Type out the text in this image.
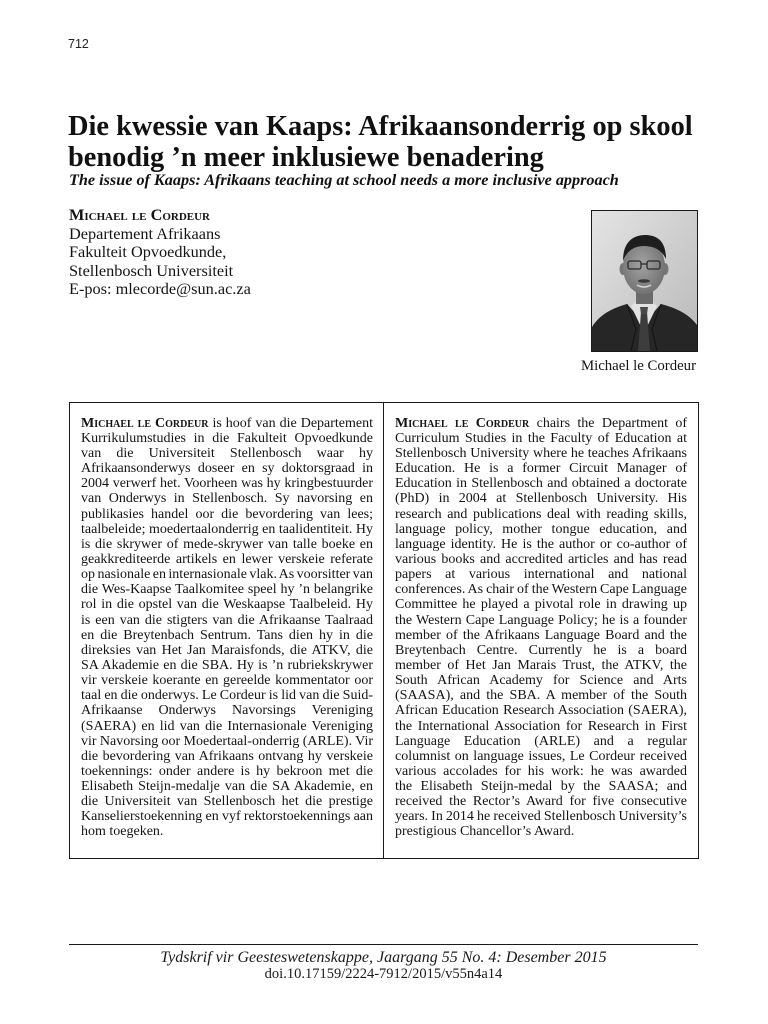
712
Die kwessie van Kaaps: Afrikaansonderrig op skool
benodig ’n meer inklusiewe benadering
The issue of Kaaps: Afrikaans teaching at school needs a more inclusive approach
Michael le Cordeur
Departement Afrikaans
Fakulteit Opvoedkunde,
Stellenbosch Universiteit
E-pos: mlecorde@sun.ac.za
Michael le Cordeur
Michael le Cordeur is hoof van die Departement
Kurrikulumstudies in die Fakulteit Opvoedkunde
van die Universiteit Stellenbosch waar hy
Afrikaansonderwys doseer en sy doktorsgraad in
2004 verwerf het. Voorheen was hy kringbestuurder
van Onderwys in Stellenbosch. Sy navorsing en
publikasies handel oor die bevordering van lees;
taalbeleide; moedertaalonderrig en taalidentiteit. Hy
is die skrywer of mede-skrywer van talle boeke en
geakkrediteerde artikels en lewer verskeie referate
op nasionale en internasionale vlak. As voorsitter van
die Wes-Kaapse Taalkomitee speel hy ’n belangrike
rol in die opstel van die Weskaapse Taalbeleid. Hy
is een van die stigters van die Afrikaanse Taalraad
en die Breytenbach Sentrum. Tans dien hy in die
direksies van Het Jan Maraisfonds, die ATKV, die
SA Akademie en die SBA. Hy is ’n rubriekskrywer
vir verskeie koerante en gereelde kommentator oor
taal en die onderwys. Le Cordeur is lid van die Suid-
Afrikaanse Onderwys Navorsings Vereniging
(SAERA) en lid van die Internasionale Vereniging
vir Navorsing oor Moedertaal-onderrig (ARLE). Vir
die bevordering van Afrikaans ontvang hy verskeie
toekennings: onder andere is hy bekroon met die
Elisabeth Steijn-medalje van die SA Akademie, en
die Universiteit van Stellenbosch het die prestige
Kanselierstoekenning en vyf rektorstoekennings aan
hom toegeken.
Michael le Cordeur chairs the Department of
Curriculum Studies in the Faculty of Education at
Stellenbosch University where he teaches Afrikaans
Education. He is a former Circuit Manager of
Education in Stellenbosch and obtained a doctorate
(PhD) in 2004 at Stellenbosch University. His
research and publications deal with reading skills,
language policy, mother tongue education, and
language identity. He is the author or co-author of
various books and accredited articles and has read
papers at various international and national
conferences. As chair of the Western Cape Language
Committee he played a pivotal role in drawing up
the Western Cape Language Policy; he is a founder
member of the Afrikaans Language Board and the
Breytenbach Centre. Currently he is a board
member of Het Jan Marais Trust, the ATKV, the
South African Academy for Science and Arts
(SAASA), and the SBA. A member of the South
African Education Research Association (SAERA),
the International Association for Research in First
Language Education (ARLE) and a regular
columnist on language issues, Le Cordeur received
various accolades for his work: he was awarded
the Elisabeth Steijn-medal by the SAASA; and
received the Rector’s Award for five consecutive
years. In 2014 he received Stellenbosch University’s
prestigious Chancellor’s Award.
Tydskrif vir Geesteswetenskappe, Jaargang 55 No. 4: Desember 2015
doi.10.17159/2224-7912/2015/v55n4a14
